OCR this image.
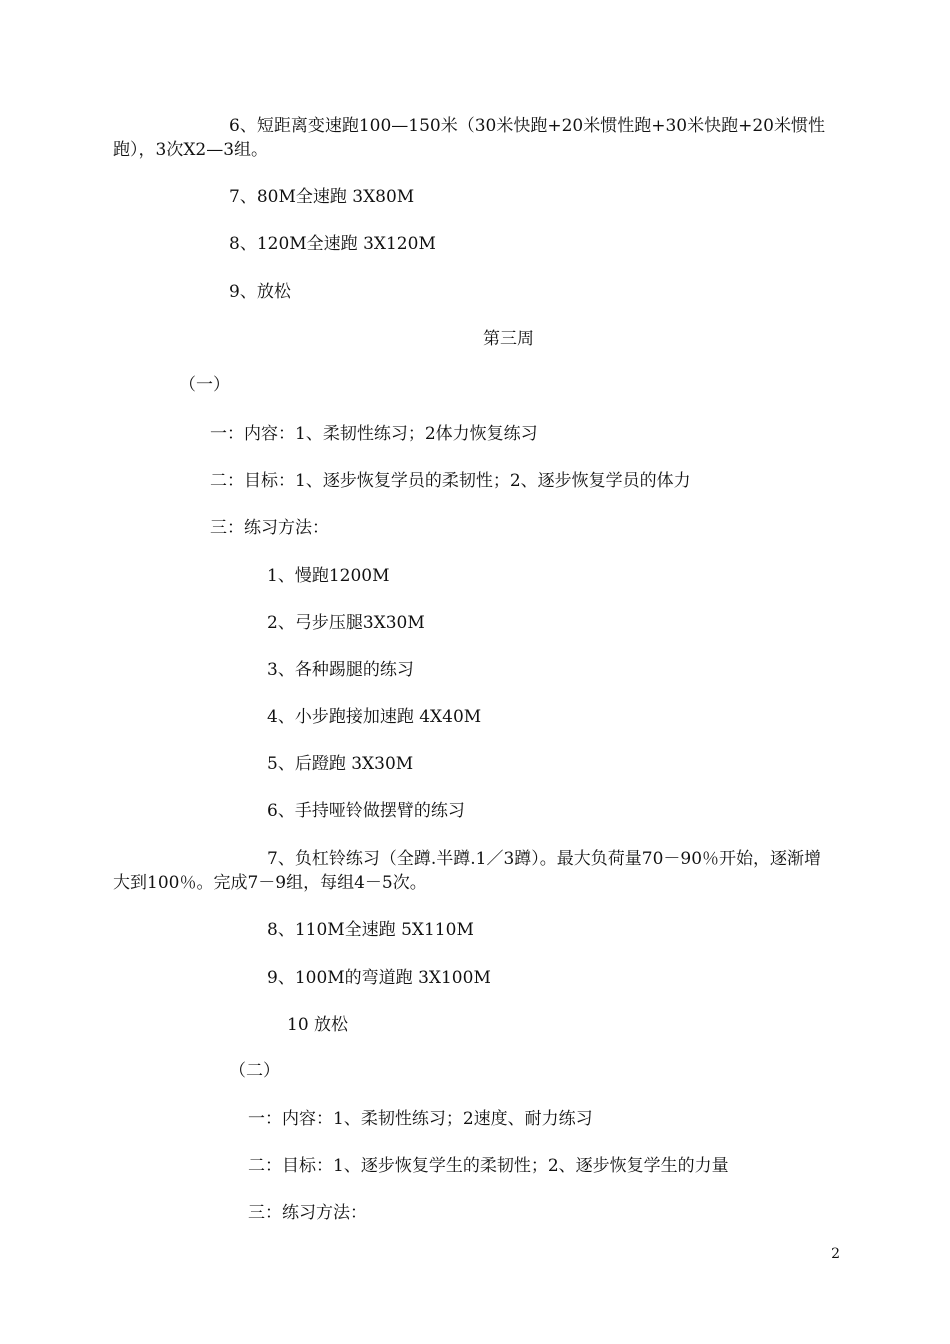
6、短距离变速跑100—150米（30米快跑+20米惯性跑+30米快跑+20米惯性跑），3次X2—3组。
7、80M全速跑 3X80M
8、120M全速跑 3X120M
9、放松
第三周
（一）
一：内容：1、柔韧性练习；2体力恢复练习
二：目标：1、逐步恢复学员的柔韧性；2、逐步恢复学员的体力
三：练习方法：
1、慢跑1200M
2、弓步压腿3X30M
3、各种踢腿的练习
4、小步跑接加速跑 4X40M
5、后蹬跑 3X30M
6、手持哑铃做摆臂的练习
7、负杠铃练习（全蹲.半蹲.1／3蹲）。最大负荷量70－90％开始，逐渐增大到100％。完成7－9组，每组4－5次。
8、110M全速跑 5X110M
9、100M的弯道跑 3X100M
10 放松
（二）
一：内容：1、柔韧性练习；2速度、耐力练习
二：目标：1、逐步恢复学生的柔韧性；2、逐步恢复学生的力量
三：练习方法：
2
